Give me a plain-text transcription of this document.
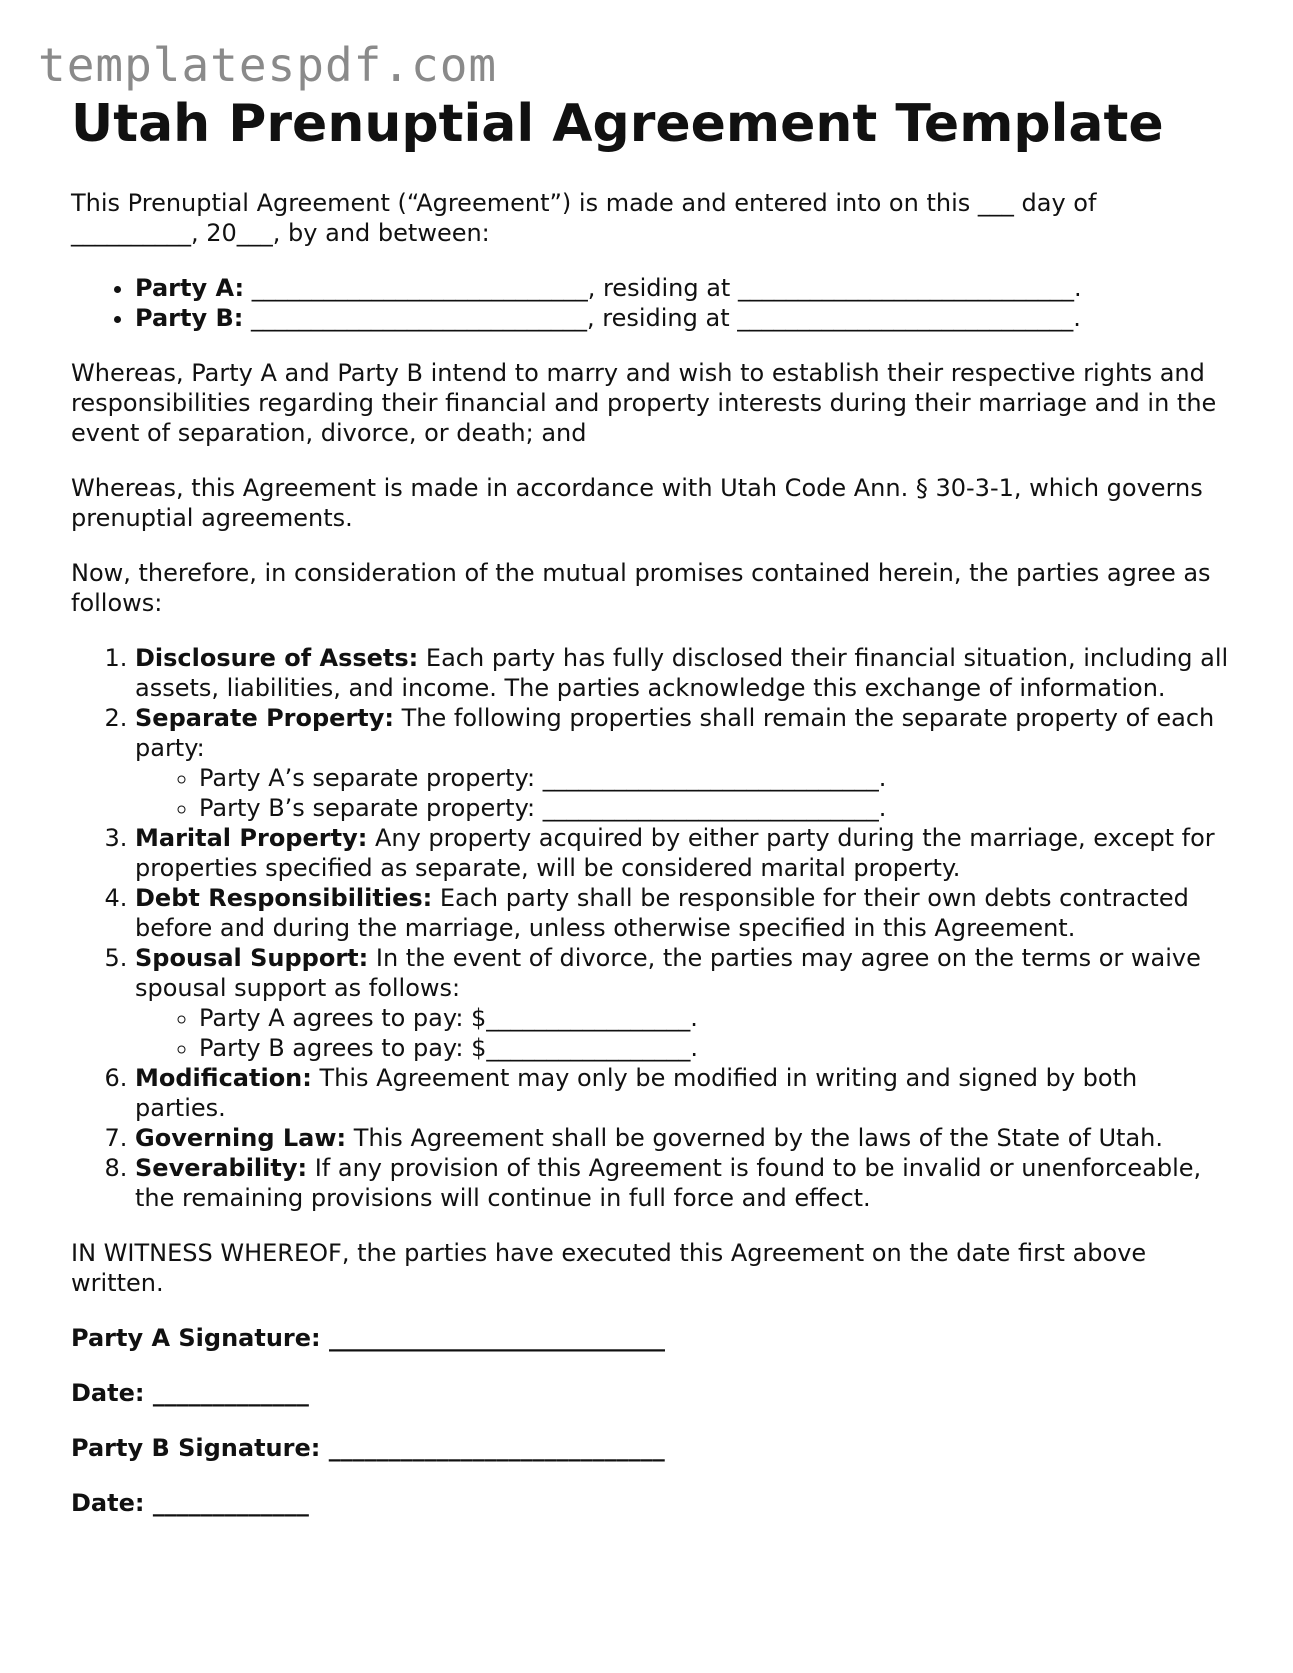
templatespdf.com
Utah Prenuptial Agreement Template

This Prenuptial Agreement (“Agreement”) is made and entered into on this ___ day of __________, 20___, by and between:

• Party A: ____________________________, residing at ____________________________.
• Party B: ____________________________, residing at ____________________________.

Whereas, Party A and Party B intend to marry and wish to establish their respective rights and responsibilities regarding their financial and property interests during their marriage and in the event of separation, divorce, or death; and

Whereas, this Agreement is made in accordance with Utah Code Ann. § 30-3-1, which governs prenuptial agreements.

Now, therefore, in consideration of the mutual promises contained herein, the parties agree as follows:

1. Disclosure of Assets: Each party has fully disclosed their financial situation, including all assets, liabilities, and income. The parties acknowledge this exchange of information.
2. Separate Property: The following properties shall remain the separate property of each party:
◦ Party A’s separate property: ____________________________.
◦ Party B’s separate property: ____________________________.
3. Marital Property: Any property acquired by either party during the marriage, except for properties specified as separate, will be considered marital property.
4. Debt Responsibilities: Each party shall be responsible for their own debts contracted before and during the marriage, unless otherwise specified in this Agreement.
5. Spousal Support: In the event of divorce, the parties may agree on the terms or waive spousal support as follows:
◦ Party A agrees to pay: $_________________.
◦ Party B agrees to pay: $_________________.
6. Modification: This Agreement may only be modified in writing and signed by both parties.
7. Governing Law: This Agreement shall be governed by the laws of the State of Utah.
8. Severability: If any provision of this Agreement is found to be invalid or unenforceable, the remaining provisions will continue in full force and effect.

IN WITNESS WHEREOF, the parties have executed this Agreement on the date first above written.

Party A Signature: ____________________________
Date: _____________
Party B Signature: ____________________________
Date: _____________
